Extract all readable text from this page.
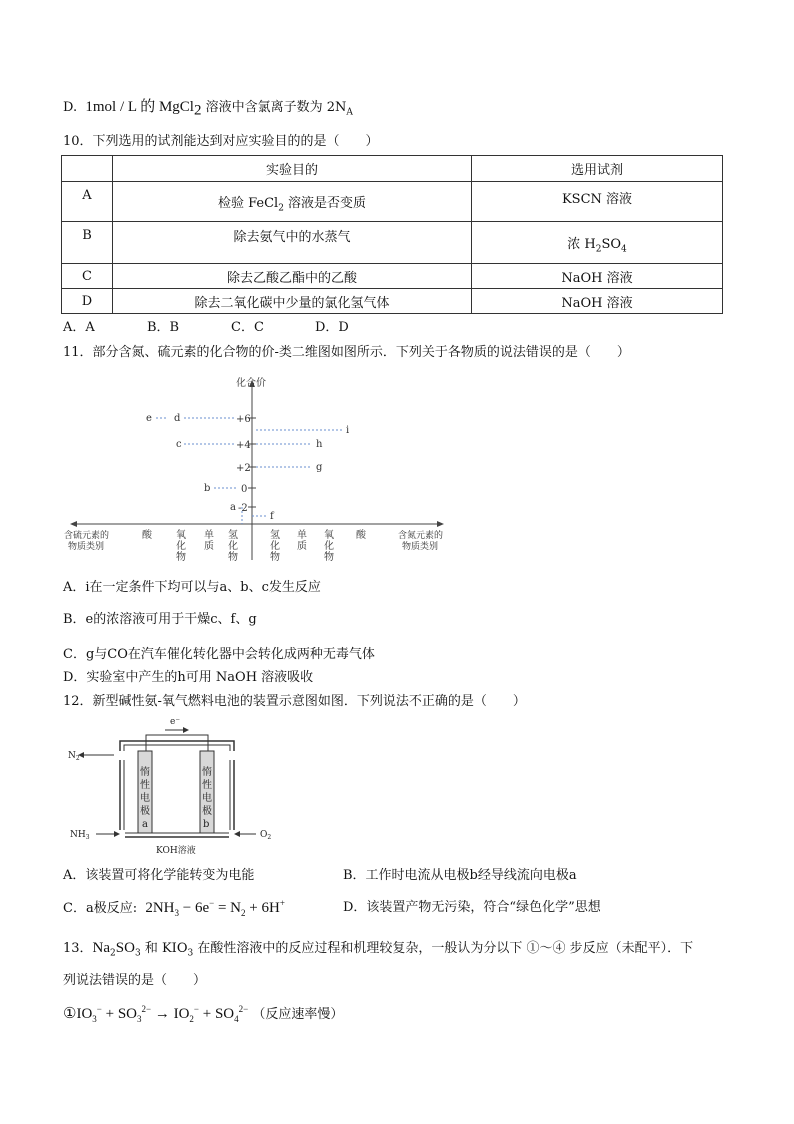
D. 1mol / L 的 MgCl$_2$ 溶液中含氯离子数为 $2N_A$
10．下列选用的试剂能达到对应实验目的的是（　　）
	实验目的	选用试剂
A	检验 FeCl$_2$ 溶液是否变质	KSCN 溶液
B	除去氨气中的水蒸气	浓 $H_2SO_4$
C	除去乙酸乙酯中的乙酸	NaOH 溶液
D	除去二氧化碳中少量的氯化氢气体	NaOH 溶液
A．A	B．B	C．C	D．D
11．部分含氮、硫元素的化合物的价-类二维图如图所示．下列关于各物质的说法错误的是（　　）
化合价
+6
+4
+2
0
-2
e d
c
b
a
f
g
h
i
含硫元素的
物质类别
含氮元素的
物质类别
酸 氧
化
物
单
质
氢
化
物
氢
化
物
单
质
氧
化
物
酸
A．i在一定条件下均可以与a、b、c发生反应
B．e的浓溶液可用于干燥c、f、g
C．g与CO在汽车催化转化器中会转化成两种无毒气体
D．实验室中产生的h可用 NaOH 溶液吸收
12．新型碱性氨-氧气燃料电池的装置示意图如图．下列说法不正确的是（　　）
e⁻
惰
性
电
极
a
惰
性
电
极
b
$N_2$
$NH_3$	$O_2$
KOH溶液
A．该装置可将化学能转变为电能	B．工作时电流从电极b经导线流向电极a
C．a极反应: $2NH_3 - 6e^- = N_2 + 6H^+$	D．该装置产物无污染，符合“绿色化学”思想
13．$Na_2SO_3$ 和 $KIO_3$ 在酸性溶液中的反应过程和机理较复杂，一般认为分以下 ①～④ 步反应（未配平）．下
列说法错误的是（　　）
$①IO_3^- + SO_3^{2-} \to IO_2^- + SO_4^{2-}$ （反应速率慢）
